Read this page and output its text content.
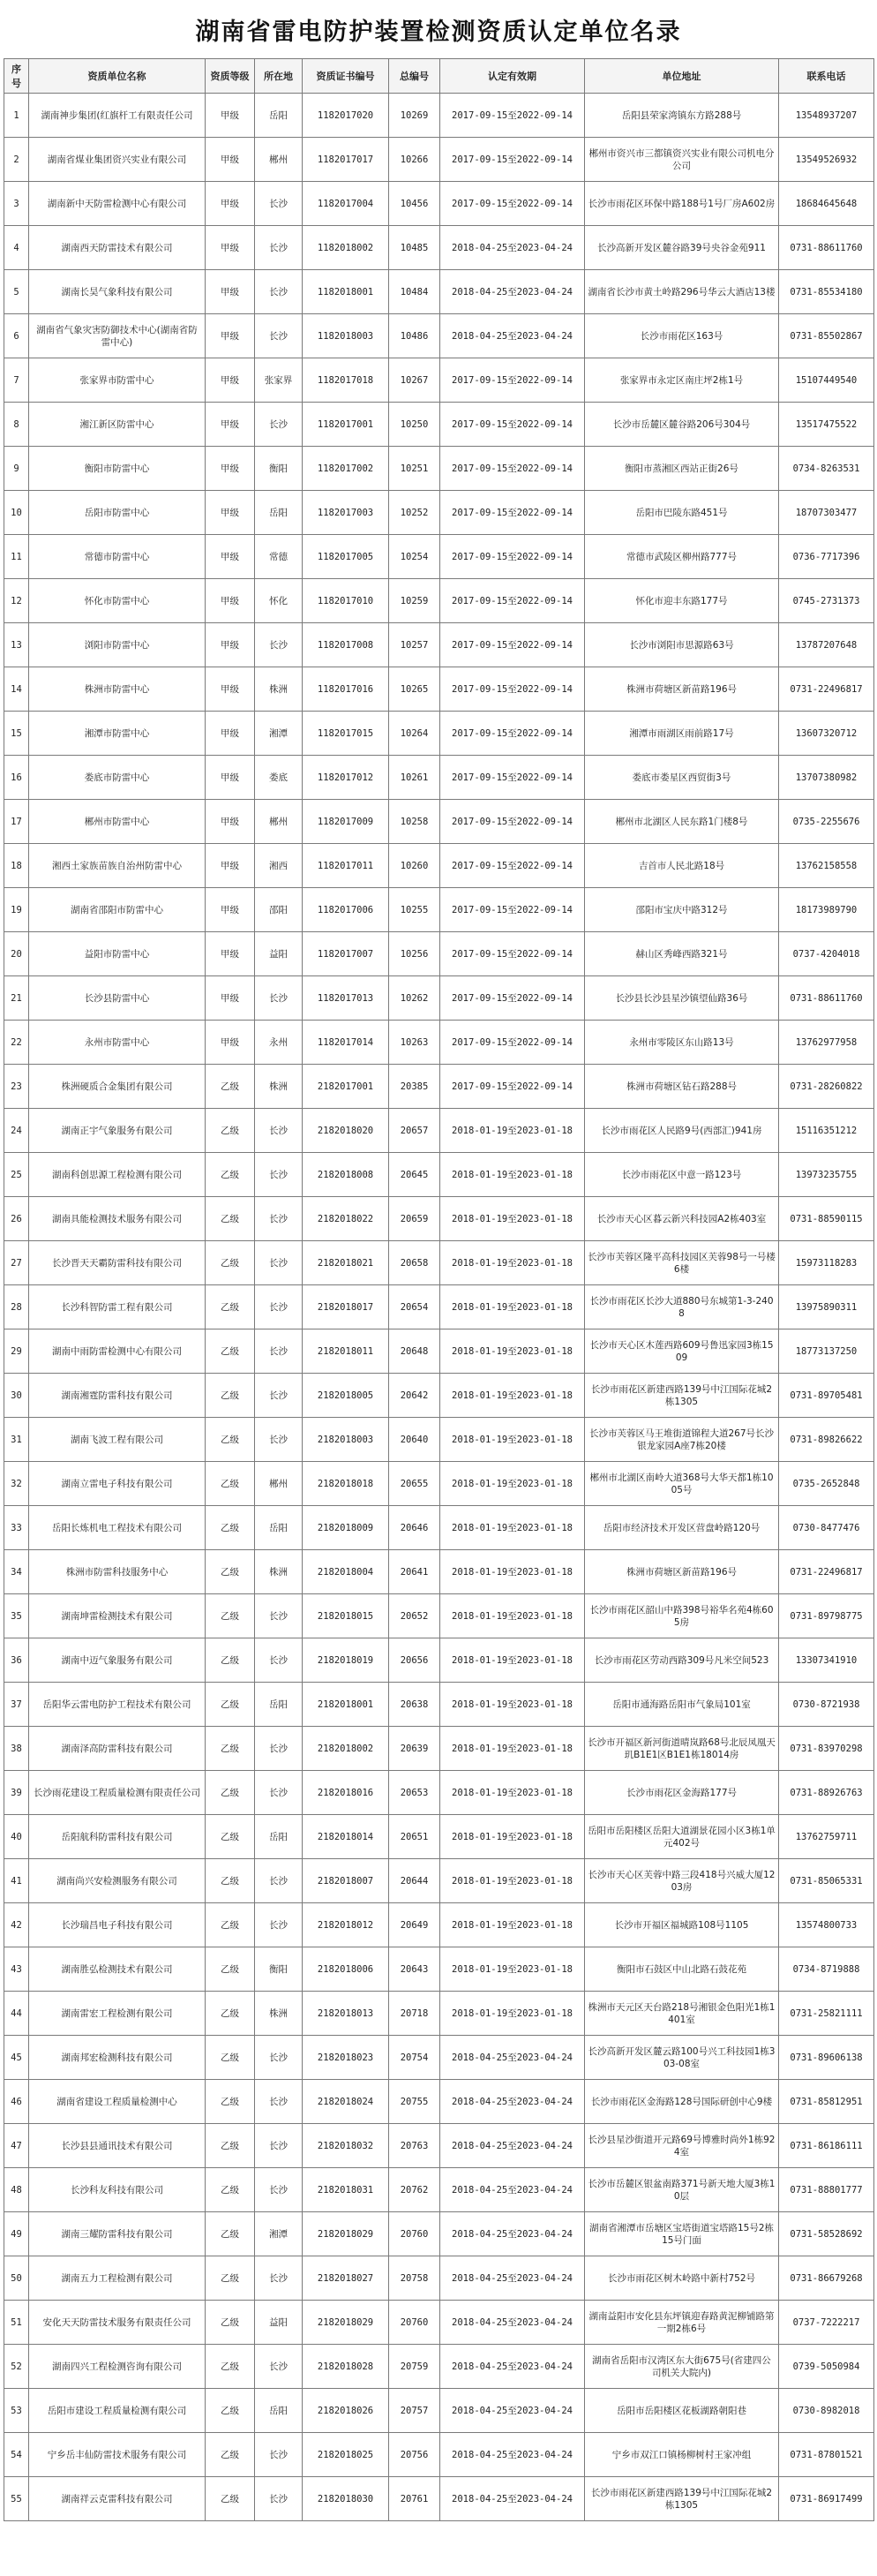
湖南省雷电防护装置检测资质认定单位名录
序号	资质单位名称	资质等级	所在地	资质证书编号	总编号	认定有效期	单位地址	联系电话
1	湖南神步集团(红旗杆工有限责任公司	甲级	岳阳	1182017020	10269	2017-09-15至2022-09-14	岳阳县荣家湾镇东方路288号	13548937207
2	湖南省煤业集团资兴实业有限公司	甲级	郴州	1182017017	10266	2017-09-15至2022-09-14	郴州市资兴市三都镇资兴实业有限公司机电分公司	13549526932
3	湖南新中天防雷检测中心有限公司	甲级	长沙	1182017004	10456	2017-09-15至2022-09-14	长沙市雨花区环保中路188号1号厂房A602房	18684645648
4	湖南西天防雷技术有限公司	甲级	长沙	1182018002	10485	2018-04-25至2023-04-24	长沙高新开发区麓谷路39号央谷金苑911	0731-88611760
5	湖南长昊气象科技有限公司	甲级	长沙	1182018001	10484	2018-04-25至2023-04-24	湖南省长沙市黄土岭路296号华云大酒店13楼	0731-85534180
6	湖南省气象灾害防御技术中心(湖南省防雷中心)	甲级	长沙	1182018003	10486	2018-04-25至2023-04-24	长沙市雨花区163号	0731-85502867
7	张家界市防雷中心	甲级	张家界	1182017018	10267	2017-09-15至2022-09-14	张家界市永定区南庄坪2栋1号	15107449540
8	湘江新区防雷中心	甲级	长沙	1182017001	10250	2017-09-15至2022-09-14	长沙市岳麓区麓谷路206号304号	13517475522
9	衡阳市防雷中心	甲级	衡阳	1182017002	10251	2017-09-15至2022-09-14	衡阳市蒸湘区西站正街26号	0734-8263531
10	岳阳市防雷中心	甲级	岳阳	1182017003	10252	2017-09-15至2022-09-14	岳阳市巴陵东路451号	18707303477
11	常德市防雷中心	甲级	常德	1182017005	10254	2017-09-15至2022-09-14	常德市武陵区柳州路777号	0736-7717396
12	怀化市防雷中心	甲级	怀化	1182017010	10259	2017-09-15至2022-09-14	怀化市迎丰东路177号	0745-2731373
13	浏阳市防雷中心	甲级	长沙	1182017008	10257	2017-09-15至2022-09-14	长沙市浏阳市思源路63号	13787207648
14	株洲市防雷中心	甲级	株洲	1182017016	10265	2017-09-15至2022-09-14	株洲市荷塘区新苗路196号	0731-22496817
15	湘潭市防雷中心	甲级	湘潭	1182017015	10264	2017-09-15至2022-09-14	湘潭市雨湖区雨前路17号	13607320712
16	娄底市防雷中心	甲级	娄底	1182017012	10261	2017-09-15至2022-09-14	娄底市娄星区西贸街3号	13707380982
17	郴州市防雷中心	甲级	郴州	1182017009	10258	2017-09-15至2022-09-14	郴州市北湖区人民东路1门楼8号	0735-2255676
18	湘西土家族苗族自治州防雷中心	甲级	湘西	1182017011	10260	2017-09-15至2022-09-14	吉首市人民北路18号	13762158558
19	湖南省邵阳市防雷中心	甲级	邵阳	1182017006	10255	2017-09-15至2022-09-14	邵阳市宝庆中路312号	18173989790
20	益阳市防雷中心	甲级	益阳	1182017007	10256	2017-09-15至2022-09-14	赫山区秀峰西路321号	0737-4204018
21	长沙县防雷中心	甲级	长沙	1182017013	10262	2017-09-15至2022-09-14	长沙县长沙县星沙镇望仙路36号	0731-88611760
22	永州市防雷中心	甲级	永州	1182017014	10263	2017-09-15至2022-09-14	永州市零陵区东山路13号	13762977958
23	株洲硬质合金集团有限公司	乙级	株洲	2182017001	20385	2017-09-15至2022-09-14	株洲市荷塘区钻石路288号	0731-28260822
24	湖南正宇气象服务有限公司	乙级	长沙	2182018020	20657	2018-01-19至2023-01-18	长沙市雨花区人民路9号(西部汇)941房	15116351212
25	湖南科创思源工程检测有限公司	乙级	长沙	2182018008	20645	2018-01-19至2023-01-18	长沙市雨花区中意一路123号	13973235755
26	湖南具能检测技术服务有限公司	乙级	长沙	2182018022	20659	2018-01-19至2023-01-18	长沙市天心区暮云新兴科技园A2栋403室	0731-88590115
27	长沙晋天天霸防雷科技有限公司	乙级	长沙	2182018021	20658	2018-01-19至2023-01-18	长沙市芙蓉区隆平高科技园区芙蓉98号一号楼6楼	15973118283
28	长沙科智防雷工程有限公司	乙级	长沙	2182018017	20654	2018-01-19至2023-01-18	长沙市雨花区长沙大道880号东城第1-3-2408	13975890311
29	湖南中雨防雷检测中心有限公司	乙级	长沙	2182018011	20648	2018-01-19至2023-01-18	长沙市天心区木莲西路609号鲁迅家园3栋1509	18773137250
30	湖南湘霆防雷科技有限公司	乙级	长沙	2182018005	20642	2018-01-19至2023-01-18	长沙市雨花区新建西路139号中江国际花城2栋1305	0731-89705481
31	湖南飞波工程有限公司	乙级	长沙	2182018003	20640	2018-01-19至2023-01-18	长沙市芙蓉区马王堆街道锦程大道267号长沙银龙家园A座7栋20楼	0731-89826622
32	湖南立雷电子科技有限公司	乙级	郴州	2182018018	20655	2018-01-19至2023-01-18	郴州市北湖区南岭大道368号大华天都1栋1005号	0735-2652848
33	岳阳长炼机电工程技术有限公司	乙级	岳阳	2182018009	20646	2018-01-19至2023-01-18	岳阳市经济技术开发区营盘岭路120号	0730-8477476
34	株洲市防雷科技服务中心	乙级	株洲	2182018004	20641	2018-01-19至2023-01-18	株洲市荷塘区新苗路196号	0731-22496817
35	湖南坤雷检测技术有限公司	乙级	长沙	2182018015	20652	2018-01-19至2023-01-18	长沙市雨花区韶山中路398号裕华名苑4栋605房	0731-89798775
36	湖南中迈气象服务有限公司	乙级	长沙	2182018019	20656	2018-01-19至2023-01-18	长沙市雨花区劳动西路309号凡米空间523	13307341910
37	岳阳华云雷电防护工程技术有限公司	乙级	岳阳	2182018001	20638	2018-01-19至2023-01-18	岳阳市通海路岳阳市气象局101室	0730-8721938
38	湖南泽高防雷科技有限公司	乙级	长沙	2182018002	20639	2018-01-19至2023-01-18	长沙市开福区新河街道晴岚路68号北辰凤凰天玑B1E1区B1E1栋18014房	0731-83970298
39	长沙雨花建设工程质量检测有限责任公司	乙级	长沙	2182018016	20653	2018-01-19至2023-01-18	长沙市雨花区金海路177号	0731-88926763
40	岳阳航科防雷科技有限公司	乙级	岳阳	2182018014	20651	2018-01-19至2023-01-18	岳阳市岳阳楼区岳阳大道湖景花园小区3栋1单元402号	13762759711
41	湖南尚兴安检测服务有限公司	乙级	长沙	2182018007	20644	2018-01-19至2023-01-18	长沙市天心区芙蓉中路三段418号兴威大厦1203房	0731-85065331
42	长沙瑞昌电子科技有限公司	乙级	长沙	2182018012	20649	2018-01-19至2023-01-18	长沙市开福区福城路108号1105	13574800733
43	湖南胜弘检测技术有限公司	乙级	衡阳	2182018006	20643	2018-01-19至2023-01-18	衡阳市石鼓区中山北路石鼓花苑	0734-8719888
44	湖南雷宏工程检测有限公司	乙级	株洲	2182018013	20718	2018-01-19至2023-01-18	株洲市天元区天台路218号湘银金色阳光1栋1401室	0731-25821111
45	湖南邦宏检测科技有限公司	乙级	长沙	2182018023	20754	2018-04-25至2023-04-24	长沙高新开发区麓云路100号兴工科技园1栋303-08室	0731-89606138
46	湖南省建设工程质量检测中心	乙级	长沙	2182018024	20755	2018-04-25至2023-04-24	长沙市雨花区金海路128号国际研创中心9楼	0731-85812951
47	长沙县县通讯技术有限公司	乙级	长沙	2182018032	20763	2018-04-25至2023-04-24	长沙县星沙街道开元路69号博雅时尚外1栋924室	0731-86186111
48	长沙科友科技有限公司	乙级	长沙	2182018031	20762	2018-04-25至2023-04-24	长沙市岳麓区银盆南路371号新天地大厦3栋10层	0731-88801777
49	湖南三耀防雷科技有限公司	乙级	湘潭	2182018029	20760	2018-04-25至2023-04-24	湖南省湘潭市岳塘区宝塔街道宝塔路15号2栋15号门面	0731-58528692
50	湖南五力工程检测有限公司	乙级	长沙	2182018027	20758	2018-04-25至2023-04-24	长沙市雨花区树木岭路中新村752号	0731-86679268
51	安化天天防雷技术服务有限责任公司	乙级	益阳	2182018029	20760	2018-04-25至2023-04-24	湖南益阳市安化县东坪镇迎春路黄泥柳铺路第一期2栋6号	0737-7222217
52	湖南四兴工程检测咨询有限公司	乙级	长沙	2182018028	20759	2018-04-25至2023-04-24	湖南省岳阳市汉湾区东大街675号(省建四公司机关大院内)	0739-5050984
53	岳阳市建设工程质量检测有限公司	乙级	岳阳	2182018026	20757	2018-04-25至2023-04-24	岳阳市岳阳楼区花板湖路朝阳巷	0730-8982018
54	宁乡岳丰仙防雷技术服务有限公司	乙级	长沙	2182018025	20756	2018-04-25至2023-04-24	宁乡市双江口镇杨柳树村王家冲组	0731-87801521
55	湖南祥云克雷科技有限公司	乙级	长沙	2182018030	20761	2018-04-25至2023-04-24	长沙市雨花区新建西路139号中江国际花城2栋1305	0731-86917499
